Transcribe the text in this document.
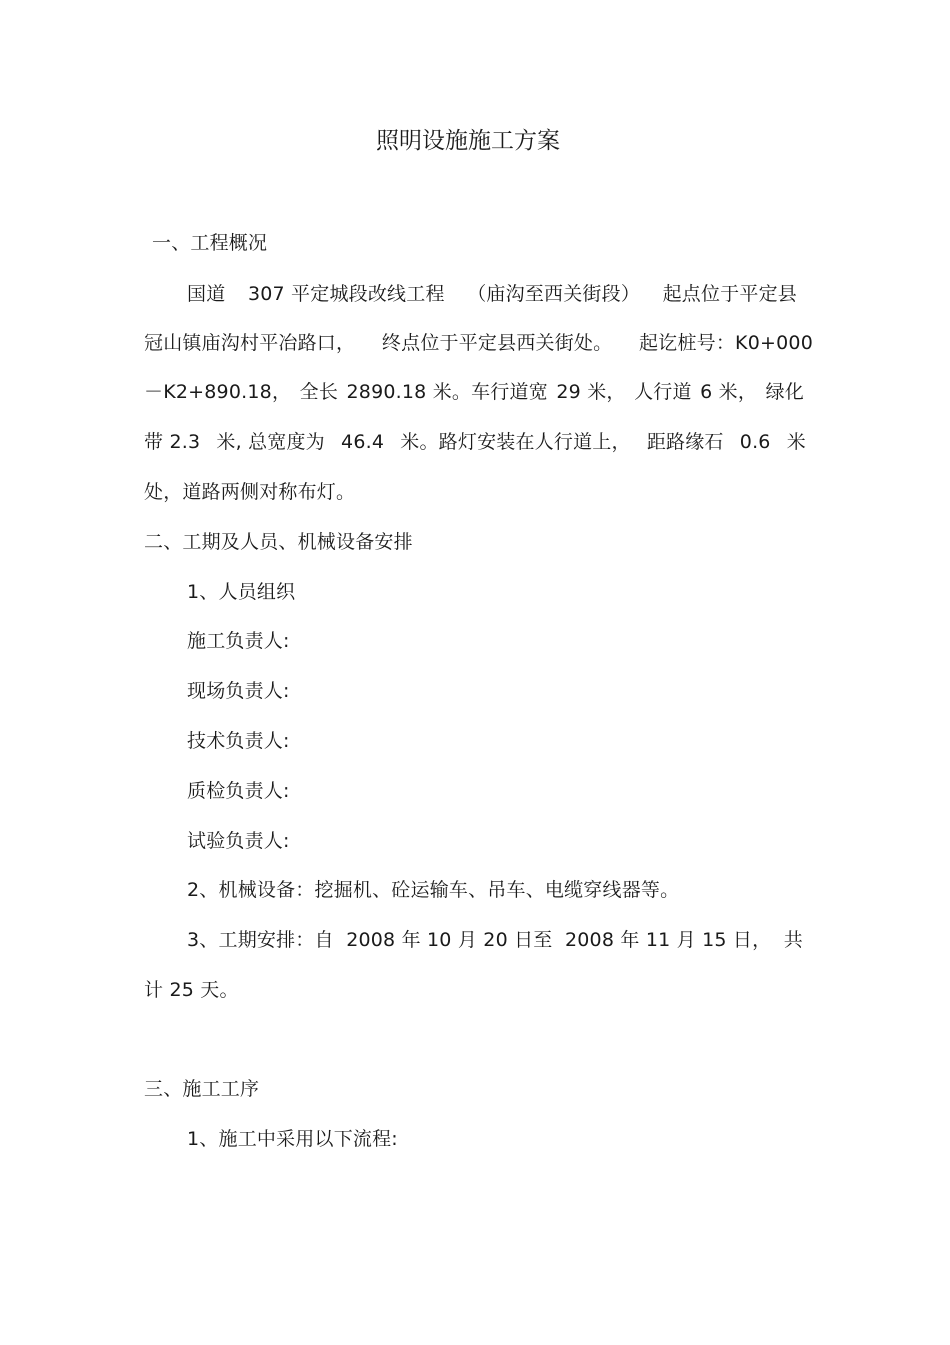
照明设施施工方案
一、工程概况
国道 307 平定城段改线工程 （庙沟至西关街段） 起点位于平定县
冠山镇庙沟村平冶路口， 终点位于平定县西关街处。 起讫桩号：K0+000
－K2+890.18， 全长 2890.18 米。车行道宽 29 米， 人行道 6 米， 绿化
带 2.3 米, 总宽度为 46.4 米。路灯安装在人行道上， 距路缘石 0.6 米
处，道路两侧对称布灯。
二、工期及人员、机械设备安排
1、人员组织
施工负责人:
现场负责人:
技术负责人:
质检负责人:
试验负责人:
2、机械设备：挖掘机、砼运输车、吊车、电缆穿线器等。
3、工期安排：自 2008 年 10 月 20 日至 2008 年 11 月 15 日， 共
计 25 天。
三、施工工序
1、施工中采用以下流程:
